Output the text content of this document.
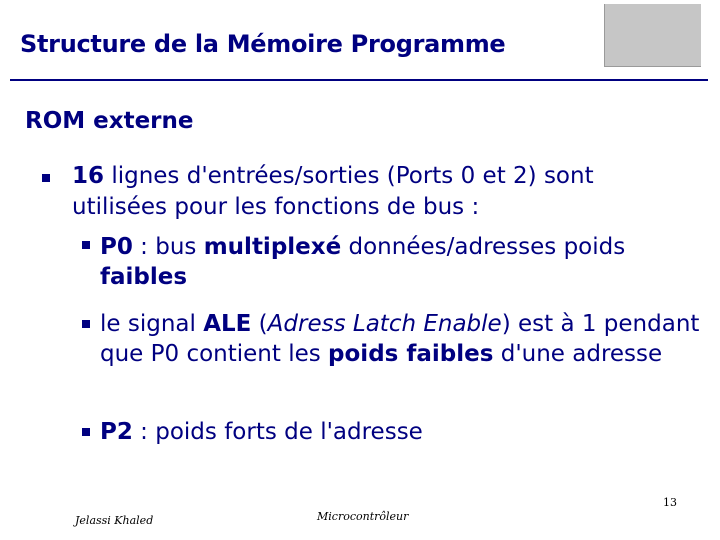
Structure de la Mémoire Programme
ROM externe
16 lignes d'entrées/sorties (Ports 0 et 2) sont utilisées pour les fonctions de bus :
P0 : bus multiplexé données/adresses poids faibles
le signal ALE (Adress Latch Enable) est à 1 pendant que P0 contient les poids faibles d'une adresse
P2 : poids forts de l'adresse
Jelassi Khaled	Microcontrôleur
13
